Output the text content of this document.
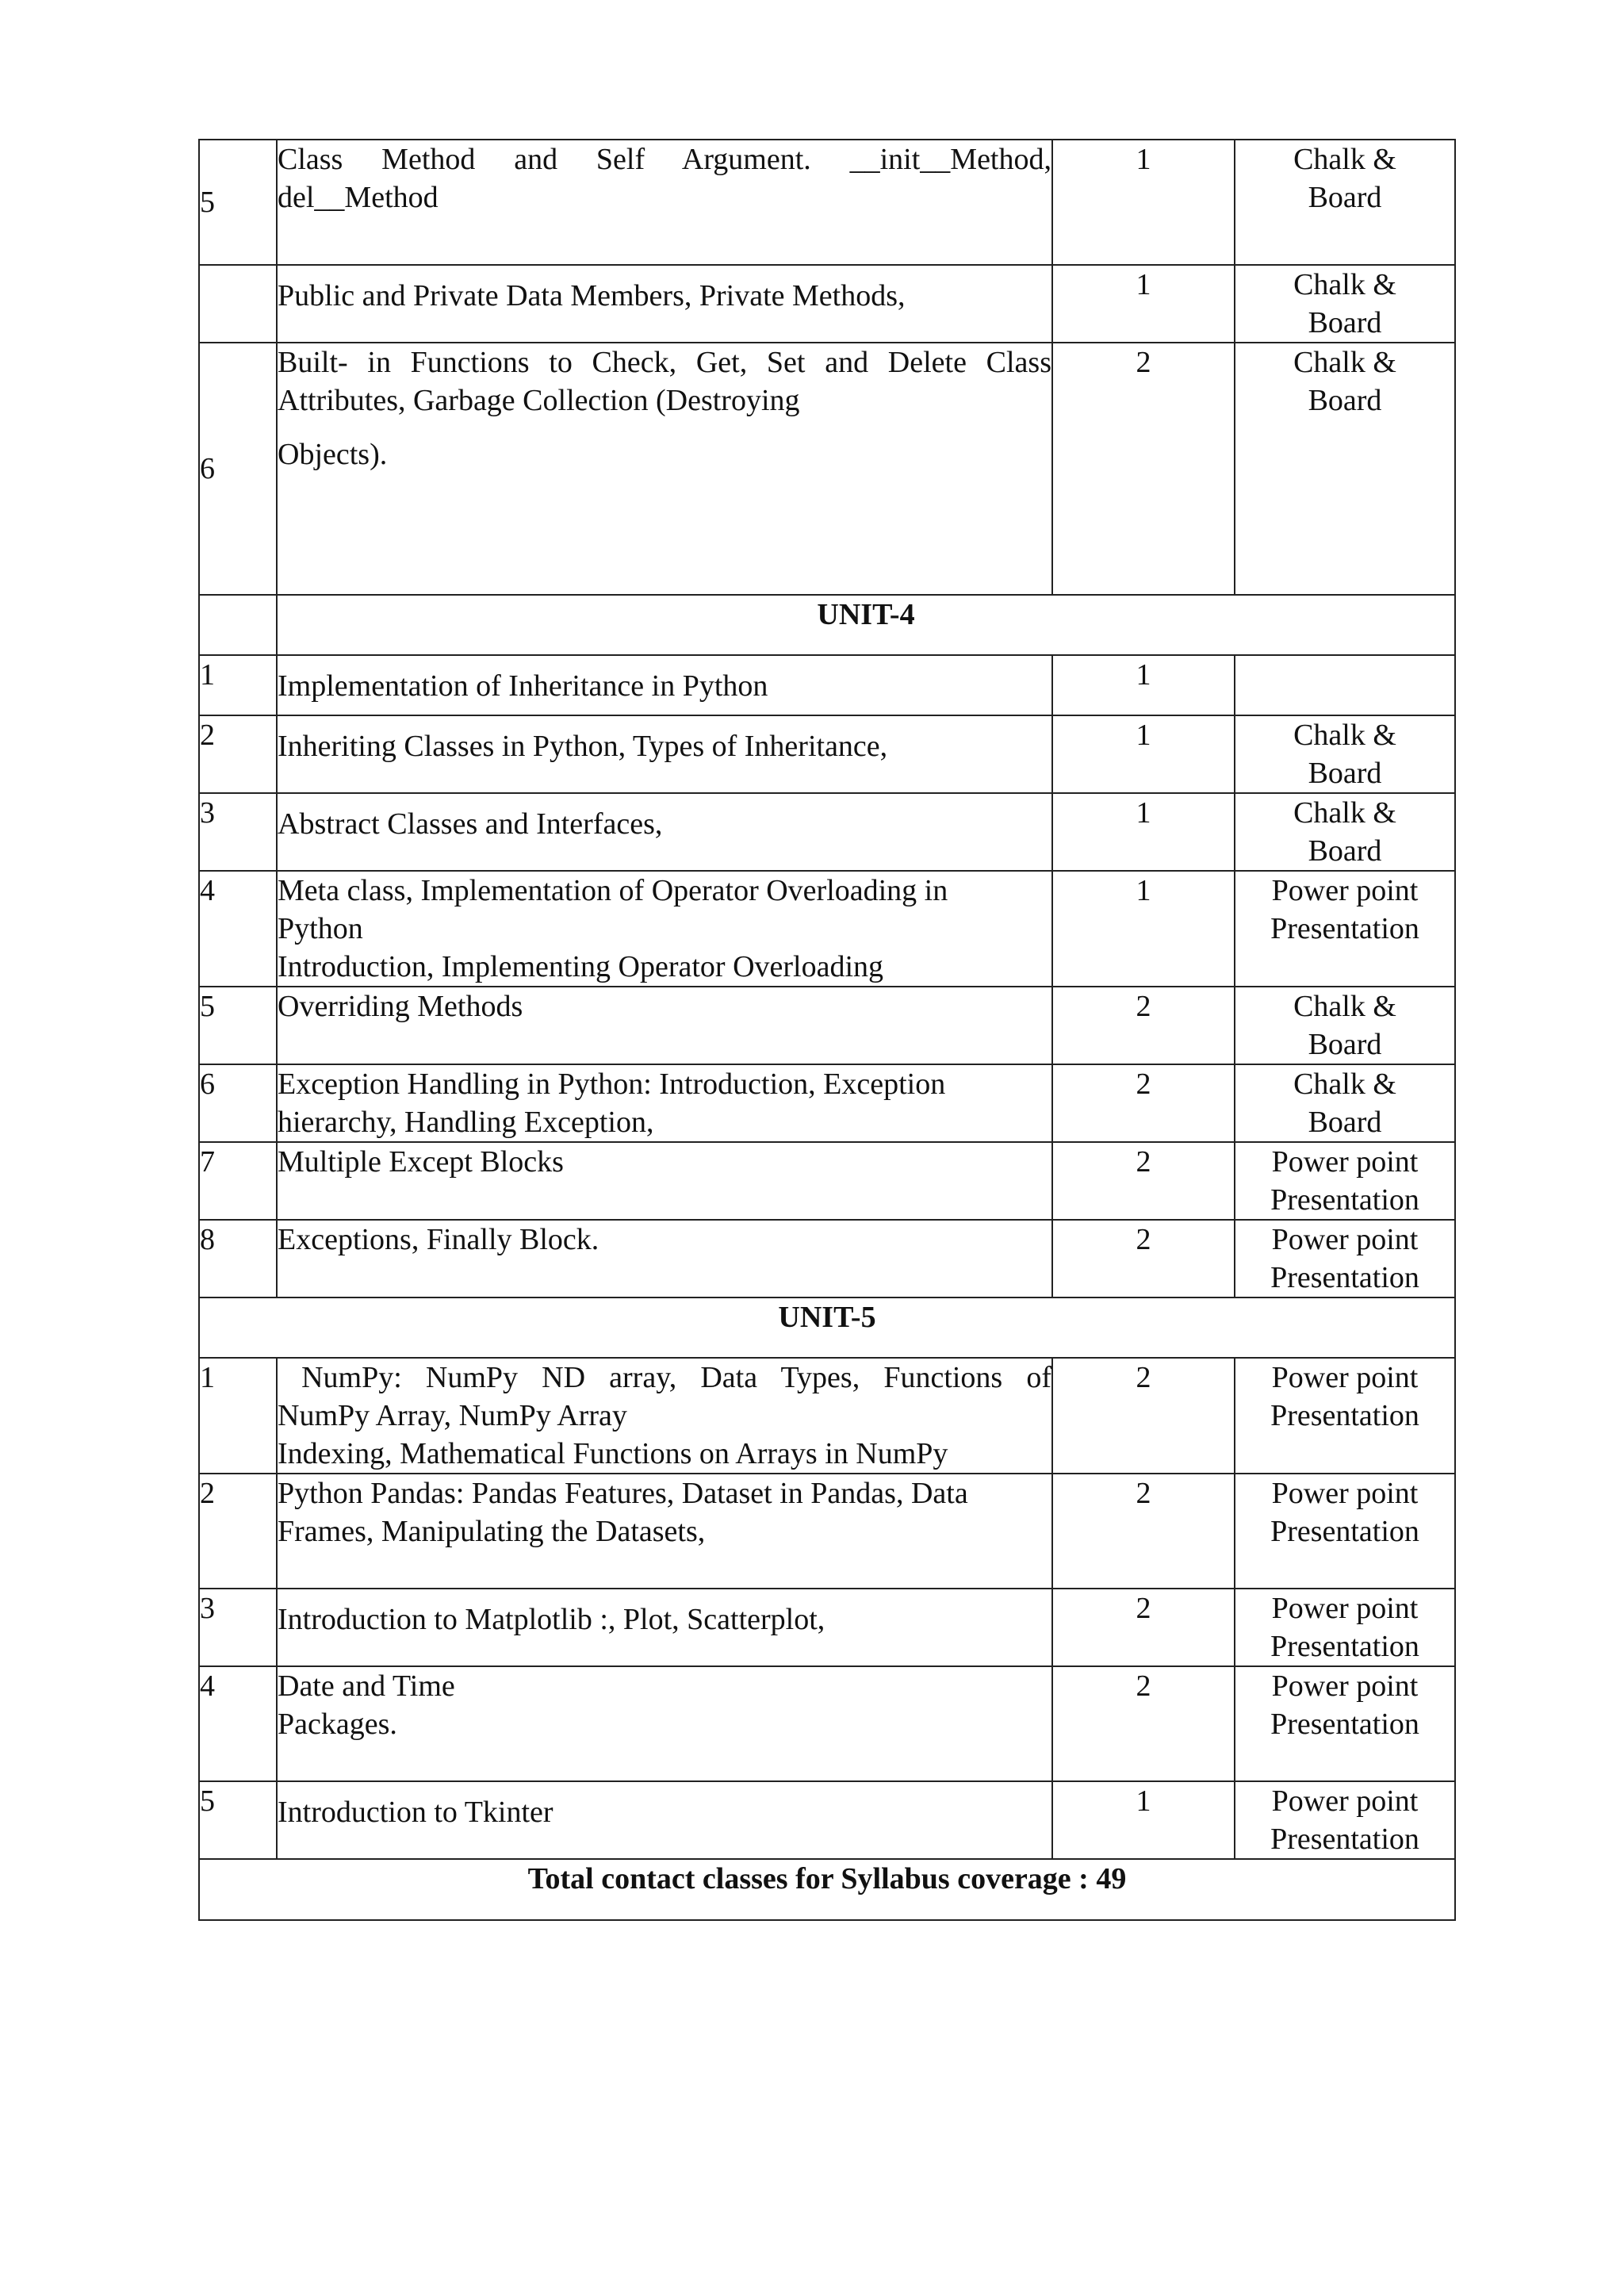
5	Class Method and Self Argument. __init__Method,
del__Method	1	Chalk &
Board

	Public and Private Data Members, Private Methods,	1	Chalk &
Board

6	Built- in Functions to Check, Get, Set and Delete Class
Attributes, Garbage Collection (Destroying
Objects).	2	Chalk &
Board

	UNIT-4		
1	Implementation of Inheritance in Python	1	
2	Inheriting Classes in Python, Types of Inheritance,	1	Chalk &
Board

3	Abstract Classes and Interfaces,	1	Chalk &
Board

4	Meta class, Implementation of Operator Overloading in
Python
Introduction, Implementing Operator Overloading	1	Power point
Presentation

5	Overriding Methods	2	Chalk &
Board

6	Exception Handling in Python: Introduction, Exception
hierarchy, Handling Exception,	2	Chalk &
Board

7	Multiple Except Blocks	2	Power point
Presentation

8	Exceptions, Finally Block.	2	Power point
Presentation

UNIT-5			
1	NumPy: NumPy ND array, Data Types, Functions of
NumPy Array, NumPy Array
Indexing, Mathematical Functions on Arrays in NumPy	2	Power point
Presentation

2	Python Pandas: Pandas Features, Dataset in Pandas, Data
Frames, Manipulating the Datasets,	2	Power point
Presentation

3	Introduction to Matplotlib :, Plot, Scatterplot,	2	Power point
Presentation

4	Date and Time
Packages.	2	Power point
Presentation

5	Introduction to Tkinter	1	Power point
Presentation

Total contact classes for Syllabus coverage : 49			
